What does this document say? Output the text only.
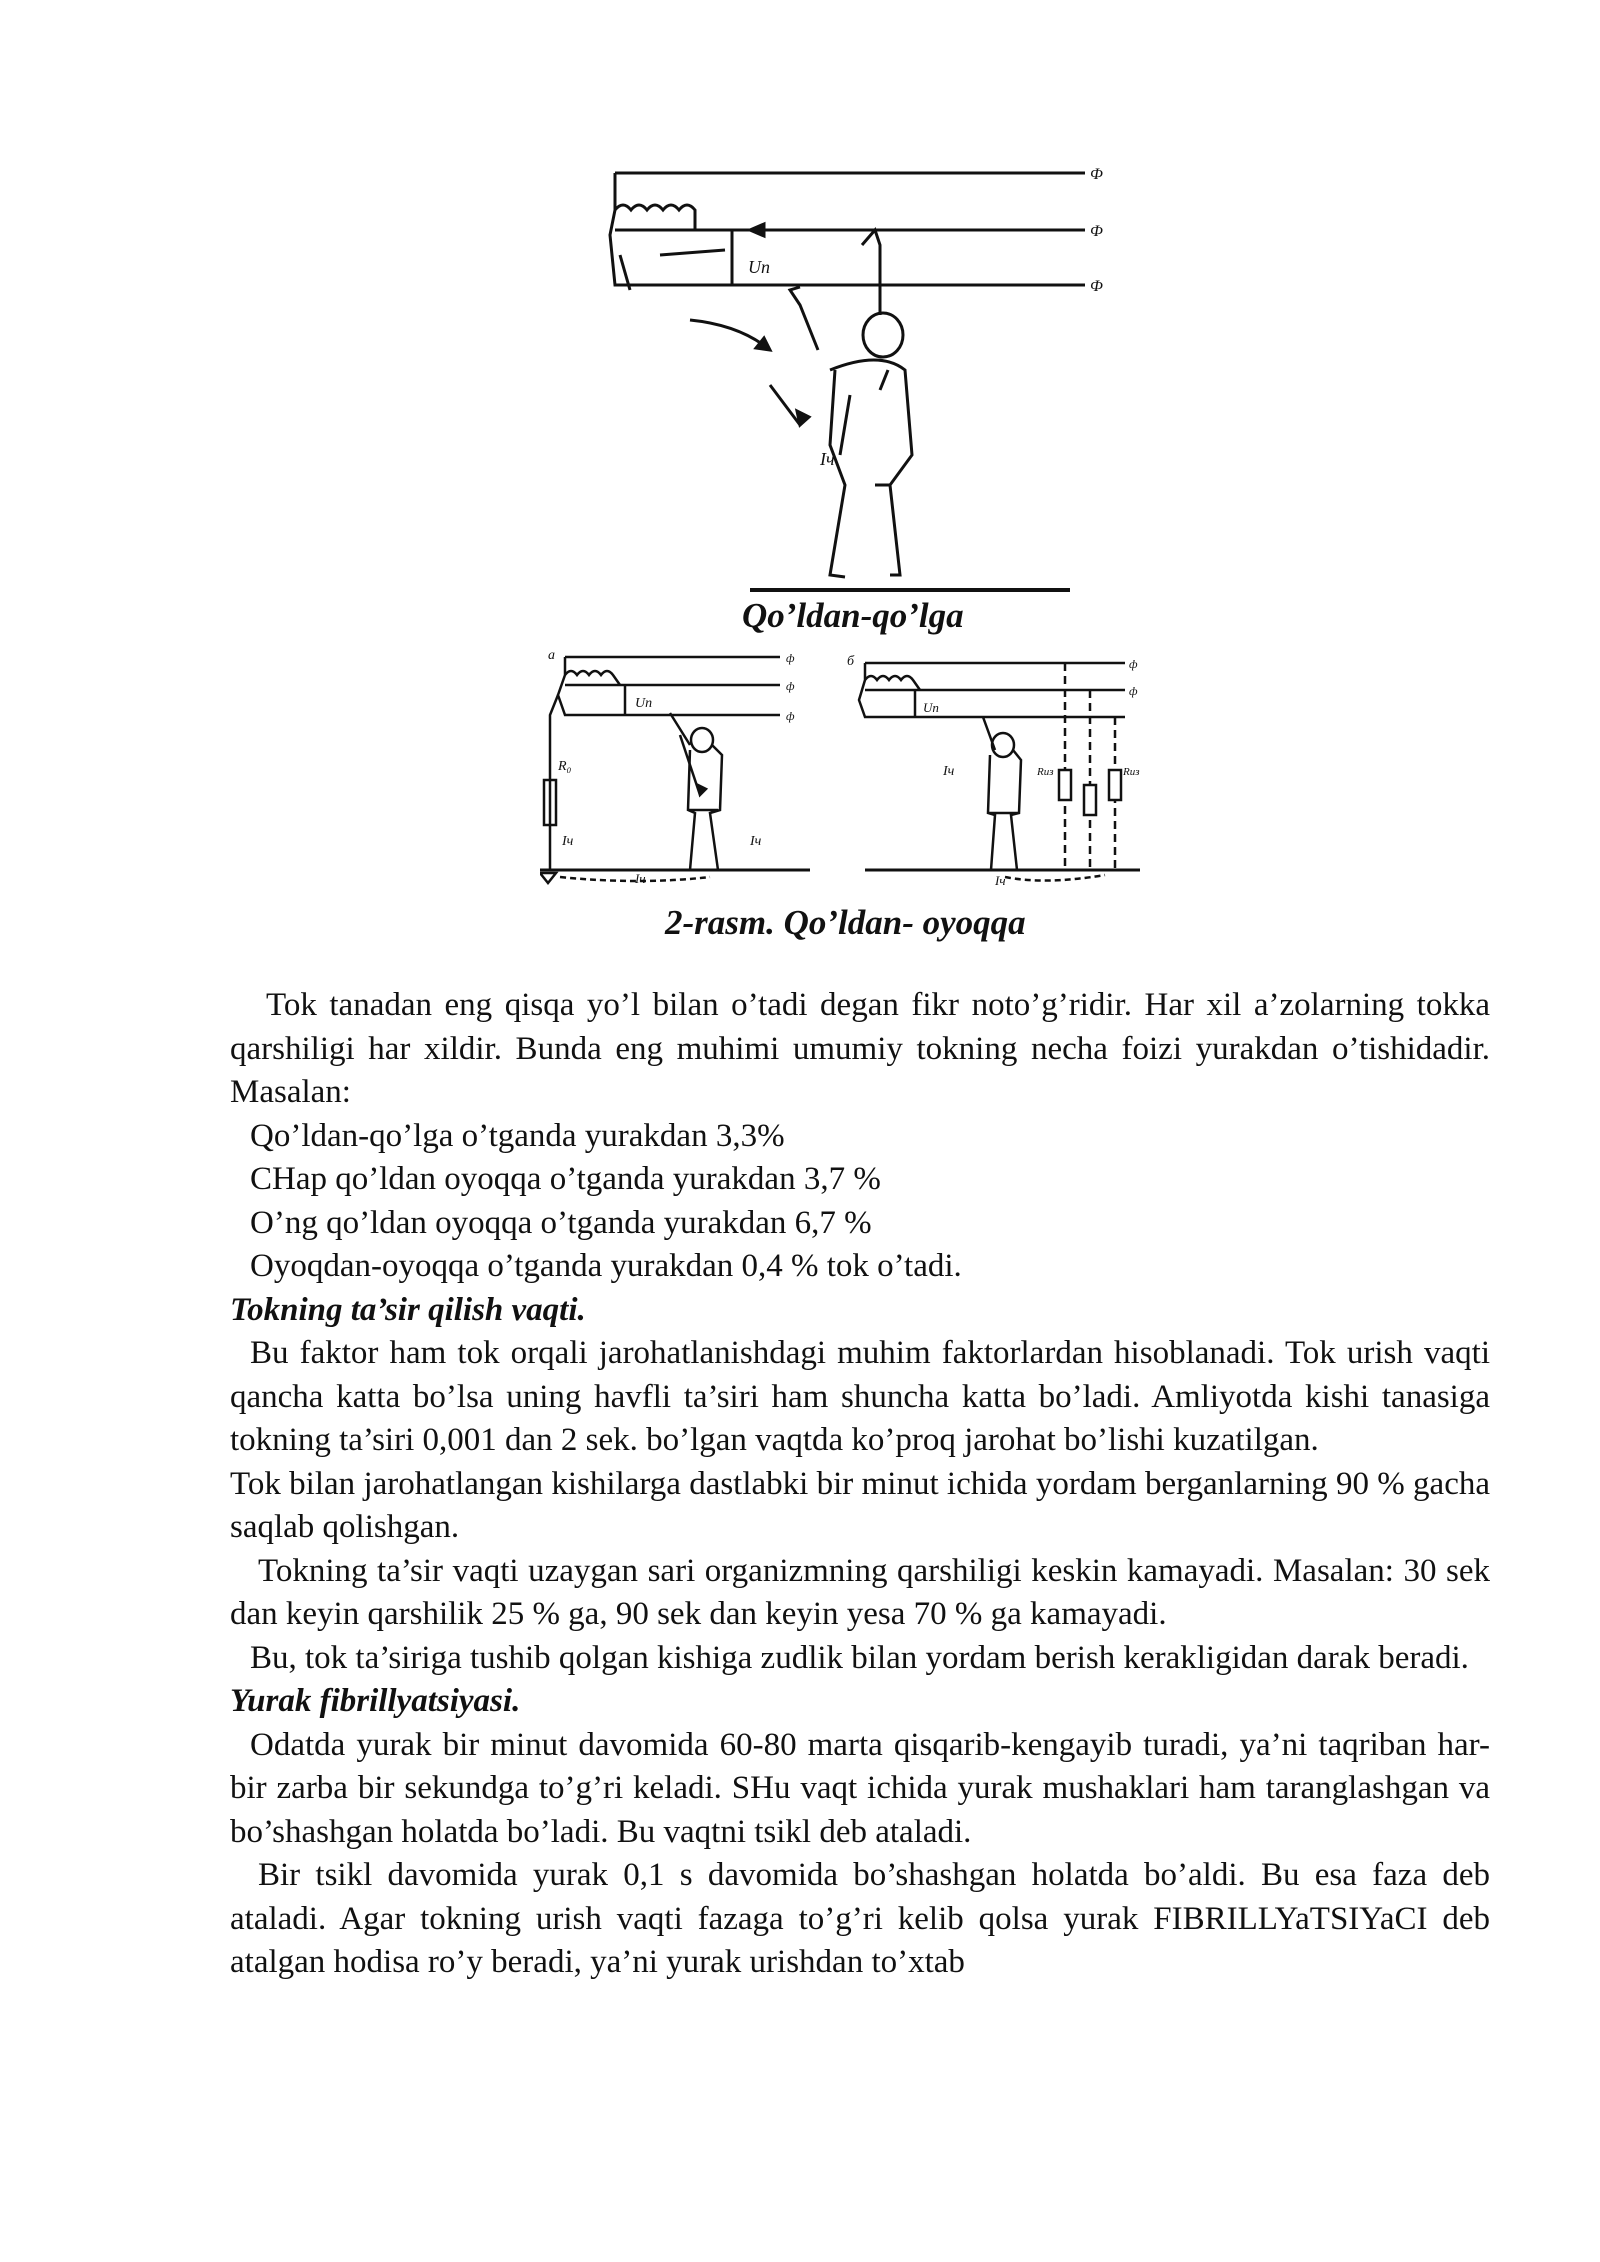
Uп
Ф
Ф
Ф
Iч
Qo’ldan-qo’lga
a	ф
ф
ф
Uп
R₀
Iч	Iч
Iч
б	ф
ф
Uп
Rиз	Rиз
Iч
Iч
2-rasm. Qo’ldan- oyoqqa

Tok tanadan eng qisqa yo’l bilan o’tadi degan fikr noto’g’ridir. Har xil a’zolarning tokka qarshiligi har xildir. Bunda eng muhimi umumiy tokning necha foizi yurakdan o’tishidadir. Masalan:

Qo’ldan-qo’lga o’tganda yurakdan 3,3%

CHap qo’ldan oyoqqa o’tganda yurakdan 3,7 %

O’ng qo’ldan oyoqqa o’tganda yurakdan 6,7 %

Oyoqdan-oyoqqa o’tganda yurakdan 0,4 % tok o’tadi.

Tokning ta’sir qilish vaqti.

Bu faktor ham tok orqali jarohatlanishdagi muhim faktorlardan hisoblanadi. Tok urish vaqti qancha katta bo’lsa uning havfli ta’siri ham shuncha katta bo’ladi. Amliyotda kishi tanasiga tokning ta’siri 0,001 dan 2 sek. bo’lgan vaqtda ko’proq jarohat bo’lishi kuzatilgan.

Tok bilan jarohatlangan kishilarga dastlabki bir minut ichida yordam berganlarning 90 % gacha saqlab qolishgan.

Tokning ta’sir vaqti uzaygan sari organizmning qarshiligi keskin kamayadi. Masalan: 30 sek dan keyin qarshilik 25 % ga, 90 sek dan keyin yesa 70 % ga kamayadi.

Bu, tok ta’siriga tushib qolgan kishiga zudlik bilan yordam berish kerakligidan darak beradi.

Yurak fibrillyatsiyasi.

Odatda yurak bir minut davomida 60-80 marta qisqarib-kengayib turadi, ya’ni taqriban har-bir zarba bir sekundga to’g’ri keladi. SHu vaqt ichida yurak mushaklari ham taranglashgan va bo’shashgan holatda bo’ladi. Bu vaqtni tsikl deb ataladi.

Bir tsikl davomida yurak 0,1 s davomida bo’shashgan holatda bo’aldi. Bu esa faza deb ataladi. Agar tokning urish vaqti fazaga to’g’ri kelib qolsa yurak FIBRILLYaTSIYaCI deb atalgan hodisa ro’y beradi, ya’ni yurak urishdan to’xtab
